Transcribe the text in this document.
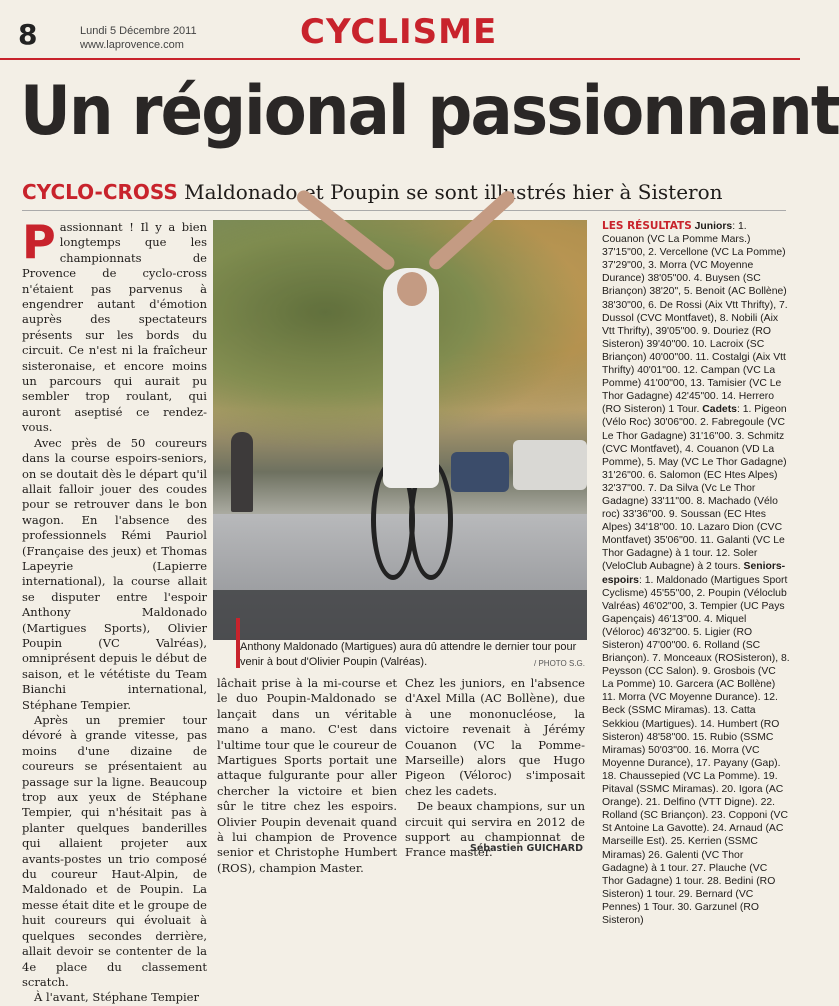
8	Lundi 5 Décembre 2011
www.laprovence.com	CYCLISME
Un régional passionnant
CYCLO-CROSS Maldonado et Poupin se sont illustrés hier à Sisteron

Passionnant ! Il y a bien longtemps que les championnats de Provence de cyclo-cross n'étaient pas parvenus à engendrer autant d'émotion auprès des spectateurs présents sur les bords du circuit. Ce n'est ni la fraîcheur sisteronaise, et encore moins un parcours qui aurait pu sembler trop roulant, qui auront aseptisé ce rendez-vous.

Avec près de 50 coureurs dans la course espoirs-seniors, on se doutait dès le départ qu'il allait falloir jouer des coudes pour se retrouver dans le bon wagon. En l'absence des professionnels Rémi Pauriol (Française des jeux) et Thomas Lapeyrie (Lapierre international), la course allait se disputer entre l'espoir Anthony Maldonado (Martigues Sports), Olivier Poupin (VC Valréas), omniprésent depuis le début de saison, et le vététiste du Team Bianchi international, Stéphane Tempier.

Après un premier tour dévoré à grande vitesse, pas moins d'une dizaine de coureurs se présentaient au passage sur la ligne. Beaucoup trop aux yeux de Stéphane Tempier, qui n'hésitait pas à planter quelques banderilles qui allaient projeter aux avants-postes un trio composé du coureur Haut-Alpin, de Maldonado et de Poupin. La messe était dite et le groupe de huit coureurs qui évoluait à quelques secondes derrière, allait devoir se contenter de la 4e place du classement scratch.

À l'avant, Stéphane Tempier

Anthony Maldonado (Martigues) aura dû attendre le dernier tour pour venir à bout d'Olivier Poupin (Valréas).	/ PHOTO S.G.

lâchait prise à la mi-course et le duo Poupin-Maldonado se lançait dans un véritable mano a mano. C'est dans l'ultime tour que le coureur de Martigues Sports portait une attaque fulgurante pour aller chercher la victoire et bien sûr le titre chez les espoirs. Olivier Poupin devenait quand à lui champion de Provence senior et Christophe Humbert (ROS), champion Master.

Chez les juniors, en l'absence d'Axel Milla (AC Bollène), due à une mononucléose, la victoire revenait à Jérémy Couanon (VC la Pomme-Marseille) alors que Hugo Pigeon (Véloroc) s'imposait chez les cadets.

De beaux champions, sur un circuit qui servira en 2012 de support au championnat de France master.

Sébastien GUICHARD
LES RÉSULTATS Juniors: 1. Couanon (VC La Pomme Mars.) 37'15"00, 2. Vercellone (VC La Pomme) 37'29"00, 3. Morra (VC Moyenne Durance) 38'05"00. 4. Buysen (SC Briançon) 38'20", 5. Benoit (AC Bollène) 38'30"00, 6. De Rossi (Aix Vtt Thrifty), 7. Dussol (CVC Montfavet), 8. Nobili (Aix Vtt Thrifty), 39'05"00. 9. Douriez (RO Sisteron) 39'40"00. 10. Lacroix (SC Briançon) 40'00"00. 11. Costalgi (Aix Vtt Thrifty) 40'01"00. 12. Campan (VC La Pomme) 41'00"00, 13. Tamisier (VC Le Thor Gadagne) 42'45"00. 14. Herrero (RO Sisteron) 1 Tour. Cadets: 1. Pigeon (Vélo Roc) 30'06"00. 2. Fabregoule (VC Le Thor Gadagne) 31'16"00. 3. Schmitz (CVC Montfavet), 4. Couanon (VD La Pomme), 5. May (VC Le Thor Gadagne) 31'26"00. 6. Salomon (EC Htes Alpes) 32'37"00. 7. Da Silva (Vc Le Thor Gadagne) 33'11"00. 8. Machado (Vélo roc) 33'36"00. 9. Soussan (EC Htes Alpes) 34'18"00. 10. Lazaro Dion (CVC Montfavet) 35'06"00. 11. Galanti (VC Le Thor Gadagne) à 1 tour. 12. Soler (VeloClub Aubagne) à 2 tours. Seniors-espoirs: 1. Maldonado (Martigues Sport Cyclisme) 45'55"00, 2. Poupin (Véloclub Valréas) 46'02"00, 3. Tempier (UC Pays Gapençais) 46'13"00. 4. Miquel (Véloroc) 46'32"00. 5. Ligier (RO Sisteron) 47'00"00. 6. Rolland (SC Briançon). 7. Monceaux (ROSisteron), 8. Peysson (CC Salon). 9. Grosbois (VC La Pomme) 10. Garcera (AC Bollène) 11. Morra (VC Moyenne Durance). 12. Beck (SSMC Miramas). 13. Catta Sekkiou (Martigues). 14. Humbert (RO Sisteron) 48'58"00. 15. Rubio (SSMC Miramas) 50'03"00. 16. Morra (VC Moyenne Durance), 17. Payany (Gap). 18. Chaussepied (VC La Pomme). 19. Pitaval (SSMC Miramas). 20. Igora (AC Orange). 21. Delfino (VTT Digne). 22. Rolland (SC Briançon). 23. Copponi (VC St Antoine La Gavotte). 24. Arnaud (AC Marseille Est). 25. Kerrien (SSMC Miramas) 26. Galenti (VC Thor Gadagne) à 1 tour. 27. Plauche (VC Thor Gadagne) 1 tour. 28. Bedini (RO Sisteron) 1 tour. 29. Bernard (VC Pennes) 1 Tour. 30. Garzunel (RO Sisteron)
